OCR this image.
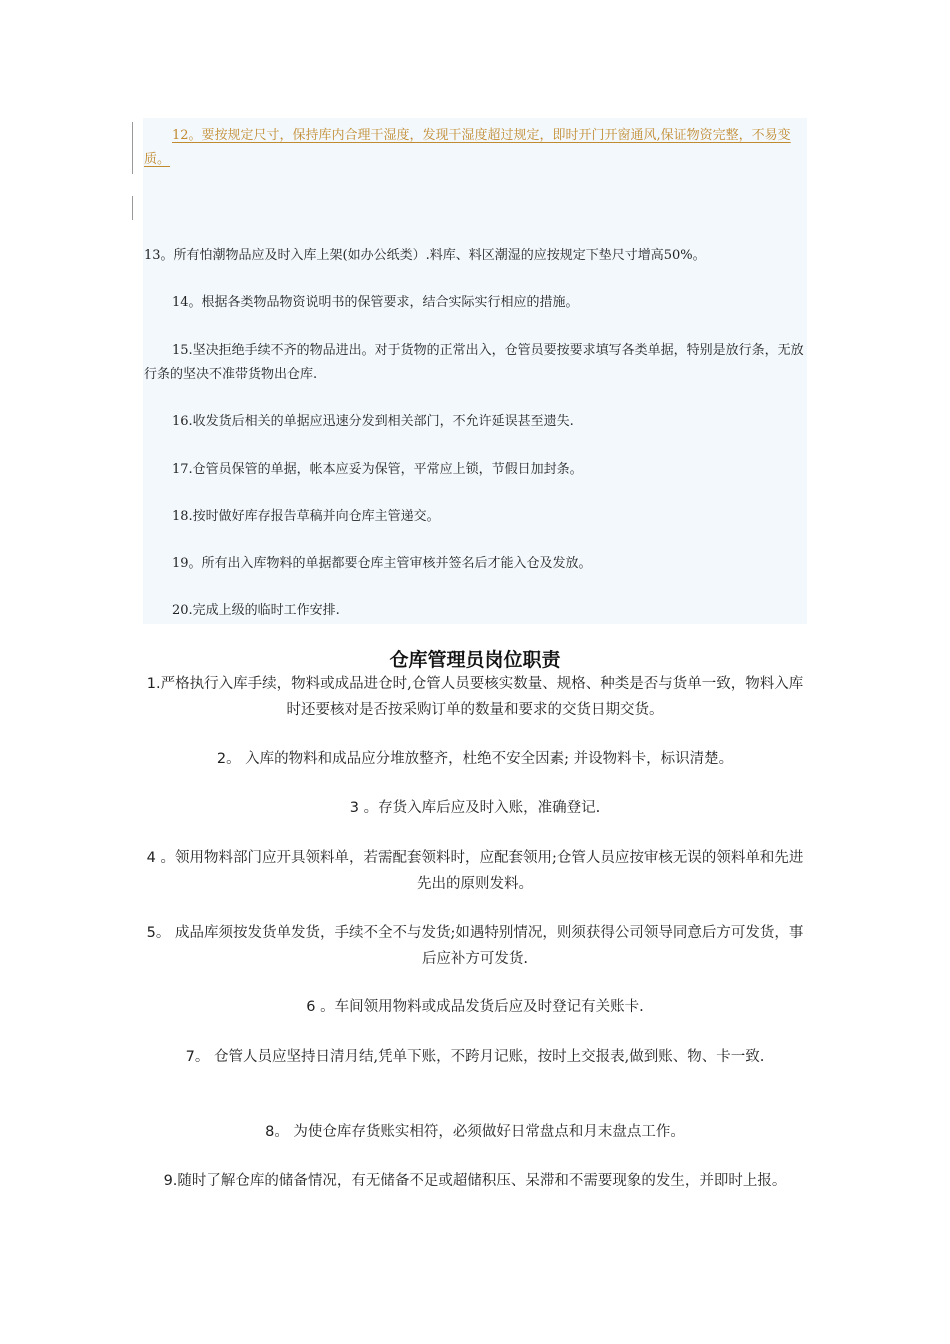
12。要按规定尺寸，保持库内合理干湿度，发现干湿度超过规定，即时开门开窗通风,保证物资完整，不易变质。
13。所有怕潮物品应及时入库上架(如办公纸类）.料库、料区潮湿的应按规定下垫尺寸增高50%。
14。根据各类物品物资说明书的保管要求，结合实际实行相应的措施。
15.坚决拒绝手续不齐的物品进出。对于货物的正常出入，仓管员要按要求填写各类单据，特别是放行条，无放行条的坚决不准带货物出仓库.
16.收发货后相关的单据应迅速分发到相关部门，不允许延误甚至遗失.
17.仓管员保管的单据，帐本应妥为保管，平常应上锁，节假日加封条。
18.按时做好库存报告草稿并向仓库主管递交。
19。所有出入库物料的单据都要仓库主管审核并签名后才能入仓及发放。
20.完成上级的临时工作安排.
仓库管理员岗位职责
1.严格执行入库手续，物料或成品进仓时,仓管人员要核实数量、规格、种类是否与货单一致，物料入库时还要核对是否按采购订单的数量和要求的交货日期交货。
2。 入库的物料和成品应分堆放整齐，杜绝不安全因素; 并设物料卡，标识清楚。
3 。存货入库后应及时入账，准确登记.
4 。领用物料部门应开具领料单，若需配套领料时，应配套领用;仓管人员应按审核无误的领料单和先进先出的原则发料。
5。 成品库须按发货单发货，手续不全不与发货;如遇特别情况，则须获得公司领导同意后方可发货，事后应补方可发货.
6 。车间领用物料或成品发货后应及时登记有关账卡.
7。 仓管人员应坚持日清月结,凭单下账，不跨月记账，按时上交报表,做到账、物、卡一致.
8。 为使仓库存货账实相符，必须做好日常盘点和月末盘点工作。
9.随时了解仓库的储备情况，有无储备不足或超储积压、呆滞和不需要现象的发生，并即时上报。
